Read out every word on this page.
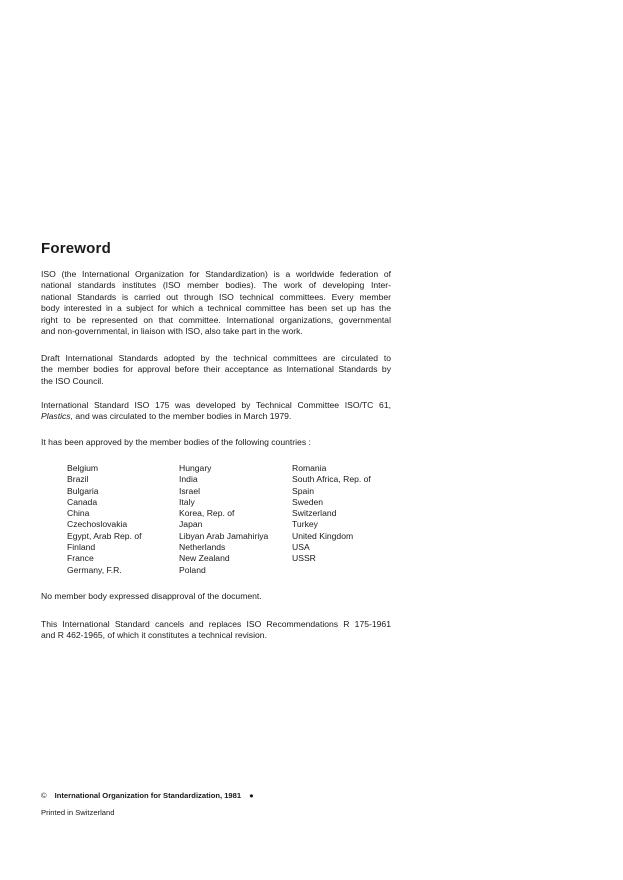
Foreword
ISO (the International Organization for Standardization) is a worldwide federation of
national standards institutes (ISO member bodies). The work of developing Inter-
national Standards is carried out through ISO technical committees. Every member
body interested in a subject for which a technical committee has been set up has the
right to be represented on that committee. International organizations, governmental
and non-governmental, in liaison with ISO, also take part in the work.
Draft International Standards adopted by the technical committees are circulated to
the member bodies for approval before their acceptance as International Standards by
the ISO Council.
International Standard ISO 175 was developed by Technical Committee ISO/TC 61,
Plastics, and was circulated to the member bodies in March 1979.
It has been approved by the member bodies of the following countries :
Belgium
Brazil
Bulgaria
Canada
China
Czechoslovakia
Egypt, Arab Rep. of
Finland
France
Germany, F.R.
Hungary
India
Israel
Italy
Korea, Rep. of
Japan
Libyan Arab Jamahiriya
Netherlands
New Zealand
Poland
Romania
South Africa, Rep. of
Spain
Sweden
Switzerland
Turkey
United Kingdom
USA
USSR
No member body expressed disapproval of the document.
This International Standard cancels and replaces ISO Recommendations R 175-1961
and R 462-1965, of which it constitutes a technical revision.
© International Organization for Standardization, 1981 ●
Printed in Switzerland
